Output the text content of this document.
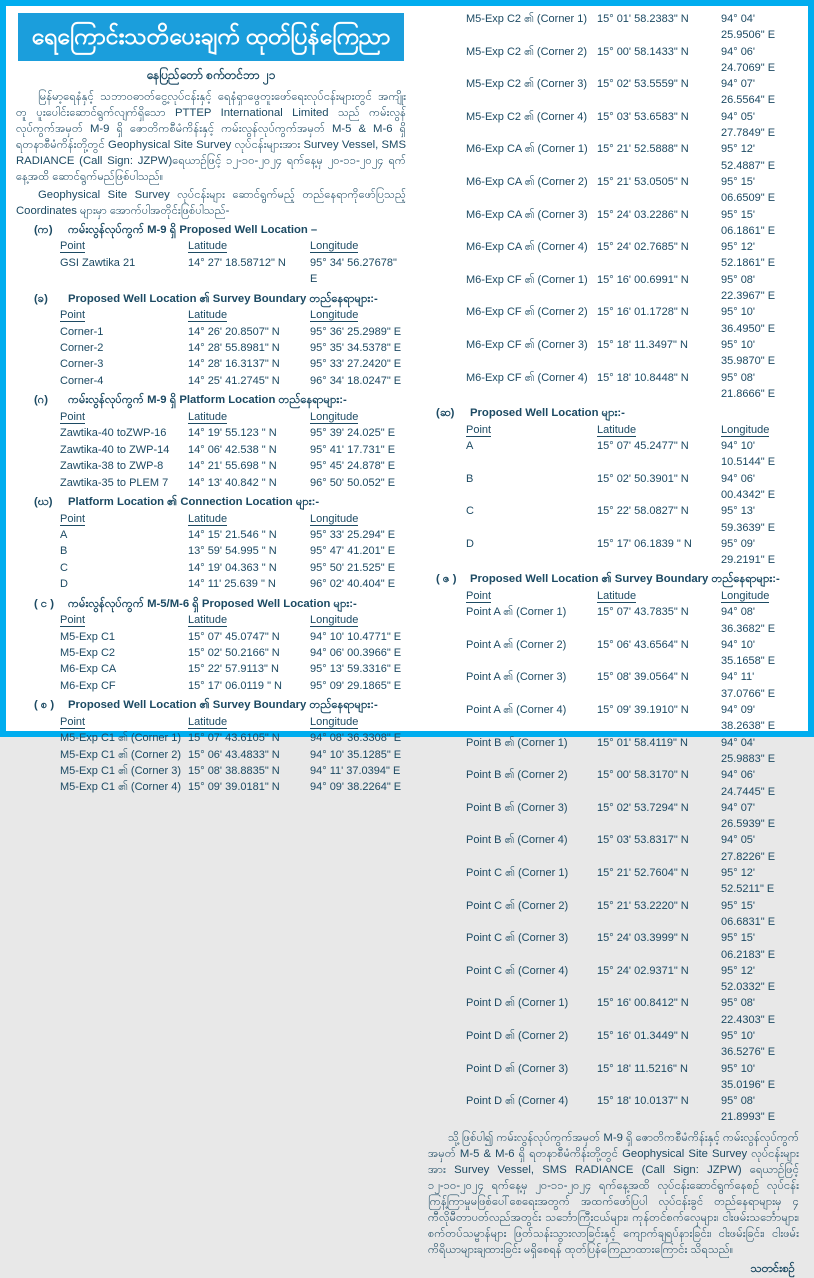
ရေကြောင်းသတိပေးချက် ထုတ်ပြန်ကြေညာ
နေပြည်တော် စက်တင်ဘာ ၂၁

မြန်မာ့ရေနံနှင့် သဘာဝဓာတ်ငွေ့လုပ်ငန်းနှင့် ရေနံရှာဖွေတူးဖော်ရေးလုပ်ငန်းများတွင် အကျိုးတူ ပူးပေါင်းဆောင်ရွက်လျက်ရှိသော PTTEP International Limited သည် ကမ်းလွန်လုပ်ကွက်အမှတ် M-9 ရှိ ဇောတိကစီမံကိန်းနှင့် ကမ်းလွန်လုပ်ကွက်အမှတ် M-5 & M-6 ရှိ ရတနာစီမံကိန်းတို့တွင် Geophysical Site Survey လုပ်ငန်းများအား Survey Vessel, SMS RADIANCE (Call Sign: JZPW)ရေယာဉ်ဖြင့် ၁၂-၁၀-၂၀၂၄ ရက်နေ့မှ ၂၀-၁၁-၂၀၂၄ ရက်နေ့အထိ ဆောင်ရွက်မည်ဖြစ်ပါသည်။

Geophysical Site Survey လုပ်ငန်းများ ဆောင်ရွက်မည့် တည်နေရာကိုဖော်ပြသည့် Coordinates များမှာ အောက်ပါအတိုင်းဖြစ်ပါသည်-

(က)	ကမ်းလွန်လုပ်ကွက် M-9 ရှိ Proposed Well Location –
Point	Latitude	Longitude
GSI Zawtika 21	14° 27' 18.58712" N	95° 34' 56.27678" E
(ခ)	Proposed Well Location ၏ Survey Boundary တည်နေရာများ:-
Point	Latitude	Longitude
Corner-1	14° 26' 20.8507" N	95° 36' 25.2989" E
Corner-2	14° 28' 55.8981" N	95° 35' 34.5378" E
Corner-3	14° 28' 16.3137" N	95° 33' 27.2420" E
Corner-4	14° 25' 41.2745" N	96° 34' 18.0247" E
(ဂ)	ကမ်းလွန်လုပ်ကွက် M-9 ရှိ Platform Location တည်နေရာများ:-
Point	Latitude	Longitude
Zawtika-40 toZWP-16	14° 19' 55.123 " N	95° 39' 24.025" E
Zawtika-40 to ZWP-14	14° 06' 42.538 " N	95° 41' 17.731" E
Zawtika-38 to ZWP-8	14° 21' 55.698 " N	95° 45' 24.878" E
Zawtika-35 to PLEM 7	14° 13' 40.842 " N	96° 50' 50.052" E
(ဃ)	Platform Location ၏ Connection Location များ:-
Point	Latitude	Longitude
A	14° 15' 21.546 " N	95° 33' 25.294" E
B	13° 59' 54.995 " N	95° 47' 41.201" E
C	14° 19' 04.363 " N	95° 50' 21.525" E
D	14° 11' 25.639 " N	96° 02' 40.404" E
( င )	ကမ်းလွန်လုပ်ကွက် M-5/M-6 ရှိ Proposed Well Location များ:-
Point	Latitude	Longitude
M5-Exp C1	15° 07' 45.0747" N	94° 10' 10.4771" E
M5-Exp C2	15° 02' 50.2166" N	94° 06' 00.3966" E
M6-Exp CA	15° 22' 57.9113" N	95° 13' 59.3316" E
M6-Exp CF	15° 17' 06.0119 " N	95° 09' 29.1865" E
( စ )	Proposed Well Location ၏ Survey Boundary တည်နေရာများ:-
Point	Latitude	Longitude
M5-Exp C1 ၏ (Corner 1) 15° 07' 43.6105" N	94° 08' 36.3308" E
M5-Exp C1 ၏ (Corner 2) 15° 06' 43.4833" N	94° 10' 35.1285" E
M5-Exp C1 ၏ (Corner 3) 15° 08' 38.8835" N	94° 11' 37.0394" E
M5-Exp C1 ၏ (Corner 4) 15° 09' 39.0181" N	94° 09' 38.2264" E
M5-Exp C2 ၏ (Corner 1) 15° 01' 58.2383" N	94° 04' 25.9506" E
M5-Exp C2 ၏ (Corner 2) 15° 00' 58.1433" N	94° 06' 24.7069" E
M5-Exp C2 ၏ (Corner 3) 15° 02' 53.5559" N	94° 07' 26.5564" E
M5-Exp C2 ၏ (Corner 4) 15° 03' 53.6583" N	94° 05' 27.7849" E
M6-Exp CA ၏ (Corner 1) 15° 21' 52.5888" N	95° 12' 52.4887" E
M6-Exp CA ၏ (Corner 2) 15° 21' 53.0505" N	95° 15' 06.6509" E
M6-Exp CA ၏ (Corner 3) 15° 24' 03.2286" N	95° 15' 06.1861" E
M6-Exp CA ၏ (Corner 4) 15° 24' 02.7685" N	95° 12' 52.1861" E
M6-Exp CF ၏ (Corner 1) 15° 16' 00.6991" N	95° 08' 22.3967" E
M6-Exp CF ၏ (Corner 2) 15° 16' 01.1728" N	95° 10' 36.4950" E
M6-Exp CF ၏ (Corner 3) 15° 18' 11.3497" N	95° 10' 35.9870" E
M6-Exp CF ၏ (Corner 4) 15° 18' 10.8448" N	95° 08' 21.8666" E
(ဆ)	Proposed Well Location များ:-
Point	Latitude	Longitude
A	15° 07' 45.2477" N	94° 10' 10.5144" E
B	15° 02' 50.3901" N	94° 06' 00.4342" E
C	15° 22' 58.0827" N	95° 13' 59.3639" E
D	15° 17' 06.1839 " N	95° 09' 29.2191" E
( ဇ )	Proposed Well Location ၏ Survey Boundary တည်နေရာများ:-
Point	Latitude	Longitude
Point A ၏ (Corner 1)	15° 07' 43.7835" N	94° 08' 36.3682" E
Point A ၏ (Corner 2)	15° 06' 43.6564" N	94° 10' 35.1658" E
Point A ၏ (Corner 3)	15° 08' 39.0564" N	94° 11' 37.0766" E
Point A ၏ (Corner 4)	15° 09' 39.1910" N	94° 09' 38.2638" E
Point B ၏ (Corner 1)	15° 01' 58.4119" N	94° 04' 25.9883" E
Point B ၏ (Corner 2)	15° 00' 58.3170" N	94° 06' 24.7445" E
Point B ၏ (Corner 3)	15° 02' 53.7294" N	94° 07' 26.5939" E
Point B ၏ (Corner 4)	15° 03' 53.8317" N	94° 05' 27.8226" E
Point C ၏ (Corner 1)	15° 21' 52.7604" N	95° 12' 52.5211" E
Point C ၏ (Corner 2)	15° 21' 53.2220" N	95° 15' 06.6831" E
Point C ၏ (Corner 3)	15° 24' 03.3999" N	95° 15' 06.2183" E
Point C ၏ (Corner 4)	15° 24' 02.9371" N	95° 12' 52.0332" E
Point D ၏ (Corner 1)	15° 16' 00.8412" N	95° 08' 22.4303" E
Point D ၏ (Corner 2)	15° 16' 01.3449" N	95° 10' 36.5276" E
Point D ၏ (Corner 3)	15° 18' 11.5216" N	95° 10' 35.0196" E
Point D ၏ (Corner 4)	15° 18' 10.0137" N	95° 08' 21.8993" E

သို့ဖြစ်ပါ၍ ကမ်းလွန်လုပ်ကွက်အမှတ် M-9 ရှိ ဇောတိကစီမံကိန်းနှင့် ကမ်းလွန်လုပ်ကွက်အမှတ် M-5 & M-6 ရှိ ရတနာစီမံကိန်းတို့တွင် Geophysical Site Survey လုပ်ငန်းများအား Survey Vessel, SMS RADIANCE (Call Sign: JZPW) ရေယာဉ်ဖြင့် ၁၂-၁၀-၂၀၂၄ ရက်နေ့မှ ၂၀-၁၁-၂၀၂၄ ရက်နေ့အထိ လုပ်ငန်းဆောင်ရွက်နေစဉ် လုပ်ငန်းကြန့်ကြာမှုမဖြစ်ပေါ်စေရေးအတွက် အထက်ဖော်ပြပါ လုပ်ငန်းခွင် တည်နေရာများမှ ၄ ကီလိုမီတာပတ်လည်အတွင်း သင်္ဘောကြီးငယ်များ၊ ကုန်တင်စက်လှေများ၊ ငါးဖမ်းသင်္ဘောများ၊ စက်တပ်သမ္ဗာန်များ ဖြတ်သန်းသွားလာခြင်းနှင့် ကျောက်ချရပ်နားခြင်း၊ ငါးဖမ်းခြင်း၊ ငါးဖမ်းကိရိယာများချထားခြင်း မရှိစေရန် ထုတ်ပြန်ကြေညာထားကြောင်း သိရသည်။

သတင်းစဉ်
